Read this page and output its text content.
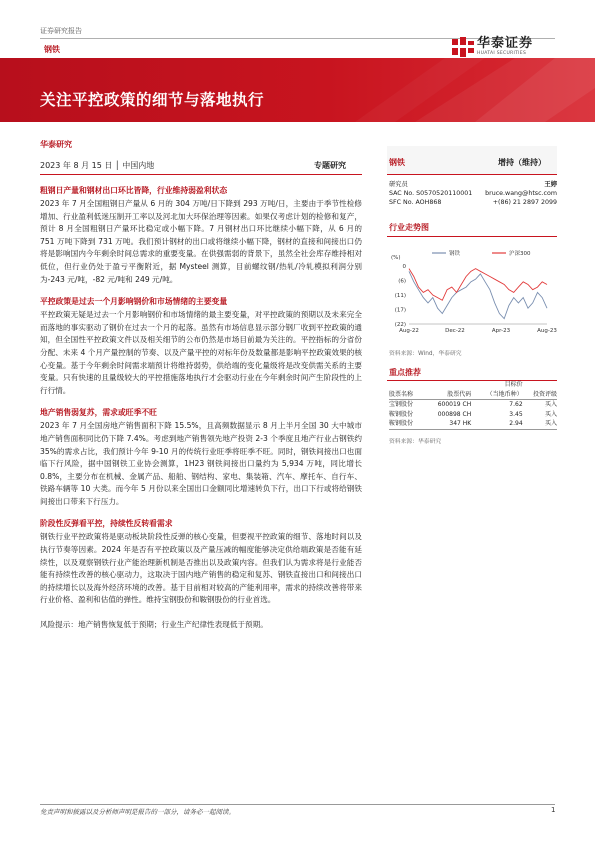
证券研究报告
华泰证券
HUATAI SECURITIES
钢铁
关注平控政策的细节与落地执行
华泰研究
2023 年 8 月 15 日 │ 中国内地	专题研究
粗钢日产量和钢材出口环比皆降，行业维持弱盈利状态
2023 年 7 月全国粗钢日产量从 6 月的 304 万吨/日下降到 293 万吨/日，主要由于季节性检修增加、行业盈利低迷压制开工率以及河北加大环保治理等因素。如果仅考虑计划的检修和复产，预计 8 月全国粗钢日产量环比稳定或小幅下降。7 月钢材出口环比继续小幅下降，从 6 月的 751 万吨下降到 731 万吨。我们预计钢材的出口或将继续小幅下降，钢材的直接和间接出口仍将是影响国内今年剩余时间总需求的重要变量。在供强需弱的背景下，虽然全社会库存维持相对低位，但行业仍处于盈亏平衡附近，据 Mysteel 测算，目前螺纹钢/热轧/冷轧模拟利润分别为-243 元/吨，-82 元/吨和 249 元/吨。
平控政策是过去一个月影响钢价和市场情绪的主要变量
平控政策无疑是过去一个月影响钢价和市场情绪的最主要变量，对平控政策的预期以及未来完全而落地的事实驱动了钢价在过去一个月的起落。虽然有市场信息显示部分钢厂收到平控政策的通知，但全国性平控政策文件以及相关细节的公布仍然是市场目前最为关注的。平控指标的分省份分配、未来 4 个月产量控制的节奏、以及产量平控的对标年份及数量都是影响平控政策效果的核心变量。基于今年剩余时间需求端预计将维持弱势，供给端的变化量级将是改变供需关系的主要变量。只有快速的且量级较大的平控措施落地执行才会驱动行业在今年剩余时间产生阶段性的上行行情。
地产销售弱复苏，需求或旺季不旺
2023 年 7 月全国房地产销售面积下降 15.5%，且高频数据显示 8 月上半月全国 30 大中城市地产销售面积同比仍下降 7.4%。考虑到地产销售领先地产投资 2-3 个季度且地产行业占钢铁约 35%的需求占比，我们预计今年 9-10 月的传统行业旺季将旺季不旺。同时，钢铁间接出口也面临下行风险，据中国钢铁工业协会测算，1H23 钢铁间接出口量约为 5,934 万吨，同比增长 0.8%，主要分布在机械、金属产品、船舶、钢结构、家电、集装箱、汽车、摩托车、自行车、铁路车辆等 10 大类。而今年 5 月份以来全国出口金额同比增速转负下行，出口下行或将给钢铁间接出口带来下行压力。
阶段性反弹看平控，持续性反转看需求
钢铁行业平控政策将是驱动板块阶段性反弹的核心变量，但要视平控政策的细节、落地时间以及执行节奏等因素。2024 年是否有平控政策以及产量压减的幅度能够决定供给端政策是否能有延续性，以及观察钢铁行业产能治理新机制是否推出以及政策内容。但我们认为需求将是行业能否能有持续性改善的核心驱动力，这取决于国内地产销售的稳定和复苏、钢铁直接出口和间接出口的持续增长以及海外经济环境的改善。基于目前相对较高的产能利用率，需求的持续改善将带来行业价格、盈利和估值的弹性。维持宝钢股份和鞍钢股份的行业首选。
风险提示：地产销售恢复低于预期；行业生产纪律性表现低于预期。
钢铁	增持（维持）
研究员	王婷
SAC No. S0570520110001 bruce.wang@htsc.com
SFC No. AOH868	+(86) 21 2897 2099
行业走势图
(%)
0
(6)
(11)
(17)
(22)
Aug-22	Dec-22	Apr-23	Aug-23
钢铁	沪深300
资料来源：Wind，华泰研究
重点推荐
		目标价	
股票名称	股票代码	（当地币种）	投资评级
宝钢股份	600019 CH	7.62	买入
鞍钢股份	000898 CH	3.45	买入
鞍钢股份	347 HK	2.94	买入
资料来源：华泰研究
免责声明和披露以及分析师声明是报告的一部分，请务必一起阅读。	1
